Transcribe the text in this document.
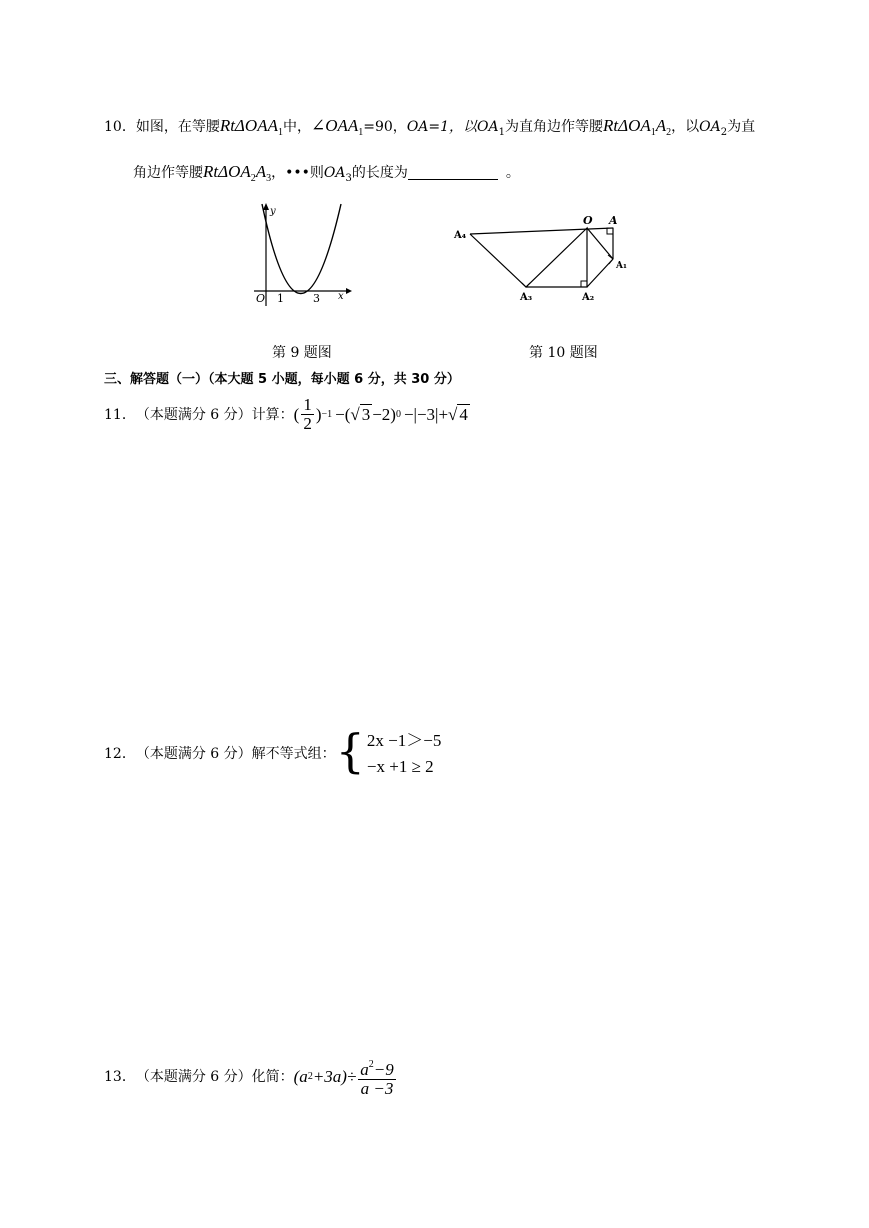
10．如图，在等腰RtΔOAA$_1$中，$\angle OAA_1=90$，OA=1，以$OA_1$为直角边作等腰$Rt\Delta OA_1A_2$，以$OA_2$为直
角边作等腰$Rt\Delta OA_2A_3$，•••则$OA_3$的长度为	。
y
x
O 1	3
A₄
O A
A₁
A₂
A₃
第 9 题图	第 10 题图
三、解答题（一）（本大题 5 小题，每小题 6 分，共 30 分）
11． （本题满分 6 分）计算： ( $\frac{1}{2}$ ) −1 −( √ 3 −2) 0 −|−3|+ √ 4
12． （本题满分 6 分）解不等式组： { 2x −1＞−5
−x +1 ≥ 2
13． （本题满分 6 分）化简： (a $2 +3a)\div \frac{a^2-9}{a -3}$
